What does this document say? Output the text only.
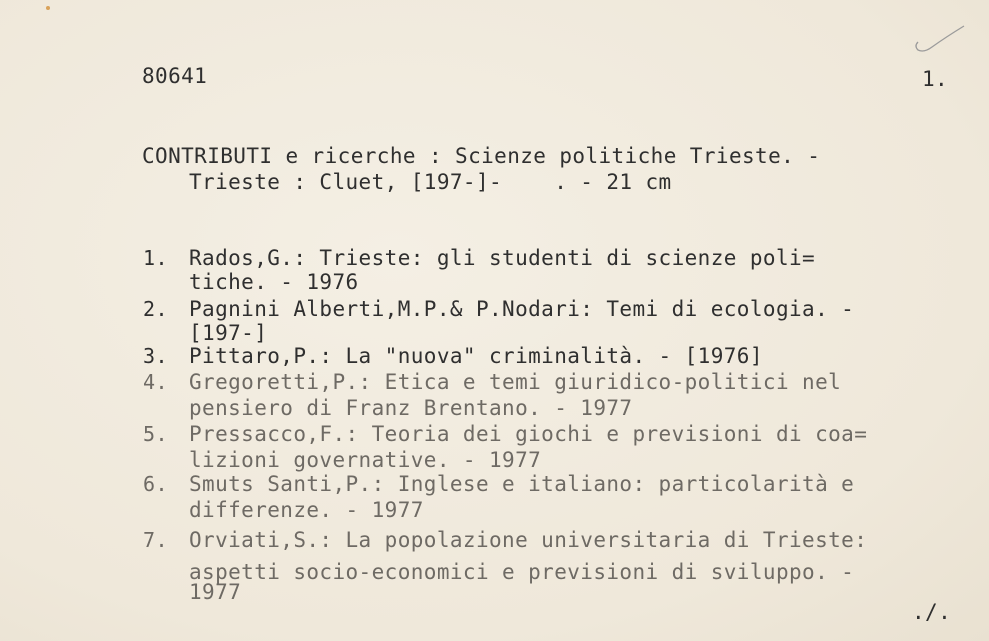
80641	1.
CONTRIBUTI e ricerche : Scienze politiche Trieste. -
Trieste : Cluet, [197-]-    . - 21 cm
1. Rados,G.: Trieste: gli studenti di scienze poli=
tiche. - 1976
2. Pagnini Alberti,M.P.& P.Nodari: Temi di ecologia. -
[197-]
3. Pittaro,P.: La "nuova" criminalità. - [1976]
4. Gregoretti,P.: Etica e temi giuridico-politici nel
pensiero di Franz Brentano. - 1977
5. Pressacco,F.: Teoria dei giochi e previsioni di coa=
lizioni governative. - 1977
6. Smuts Santi,P.: Inglese e italiano: particolarità e
differenze. - 1977
7. Orviati,S.: La popolazione universitaria di Trieste:
aspetti socio-economici e previsioni di sviluppo. -
1977
./.
